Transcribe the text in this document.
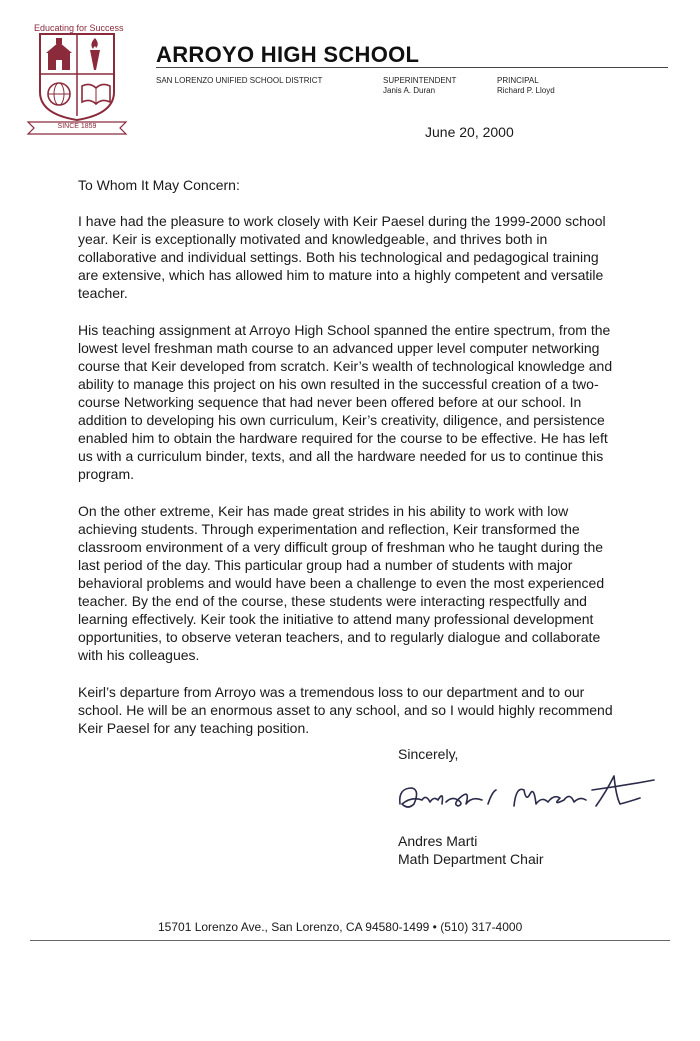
Educating for Success
SINCE 1859
ARROYO HIGH SCHOOL
SAN LORENZO UNIFIED SCHOOL DISTRICT	SUPERINTENDENT
Janis A. Duran
PRINCIPAL
Richard P. Lloyd
June 20, 2000

To Whom It May Concern:

I have had the pleasure to work closely with Keir Paesel during the 1999-2000 school year. Keir is exceptionally motivated and knowledgeable, and thrives both in collaborative and individual settings. Both his technological and pedagogical training are extensive, which has allowed him to mature into a highly competent and versatile teacher.

His teaching assignment at Arroyo High School spanned the entire spectrum, from the lowest level freshman math course to an advanced upper level computer networking course that Keir developed from scratch. Keir’s wealth of technological knowledge and ability to manage this project on his own resulted in the successful creation of a two-course Networking sequence that had never been offered before at our school. In addition to developing his own curriculum, Keir’s creativity, diligence, and persistence enabled him to obtain the hardware required for the course to be effective. He has left us with a curriculum binder, texts, and all the hardware needed for us to continue this program.

On the other extreme, Keir has made great strides in his ability to work with low achieving students. Through experimentation and reflection, Keir transformed the classroom environment of a very difficult group of freshman who he taught during the last period of the day. This particular group had a number of students with major behavioral problems and would have been a challenge to even the most experienced teacher. By the end of the course, these students were interacting respectfully and learning effectively. Keir took the initiative to attend many professional development opportunities, to observe veteran teachers, and to regularly dialogue and collaborate with his colleagues.

Keirl’s departure from Arroyo was a tremendous loss to our department and to our school. He will be an enormous asset to any school, and so I would highly recommend Keir Paesel for any teaching position.

Sincerely,
Andres Marti
Math Department Chair
15701 Lorenzo Ave., San Lorenzo, CA 94580-1499 • (510) 317-4000
